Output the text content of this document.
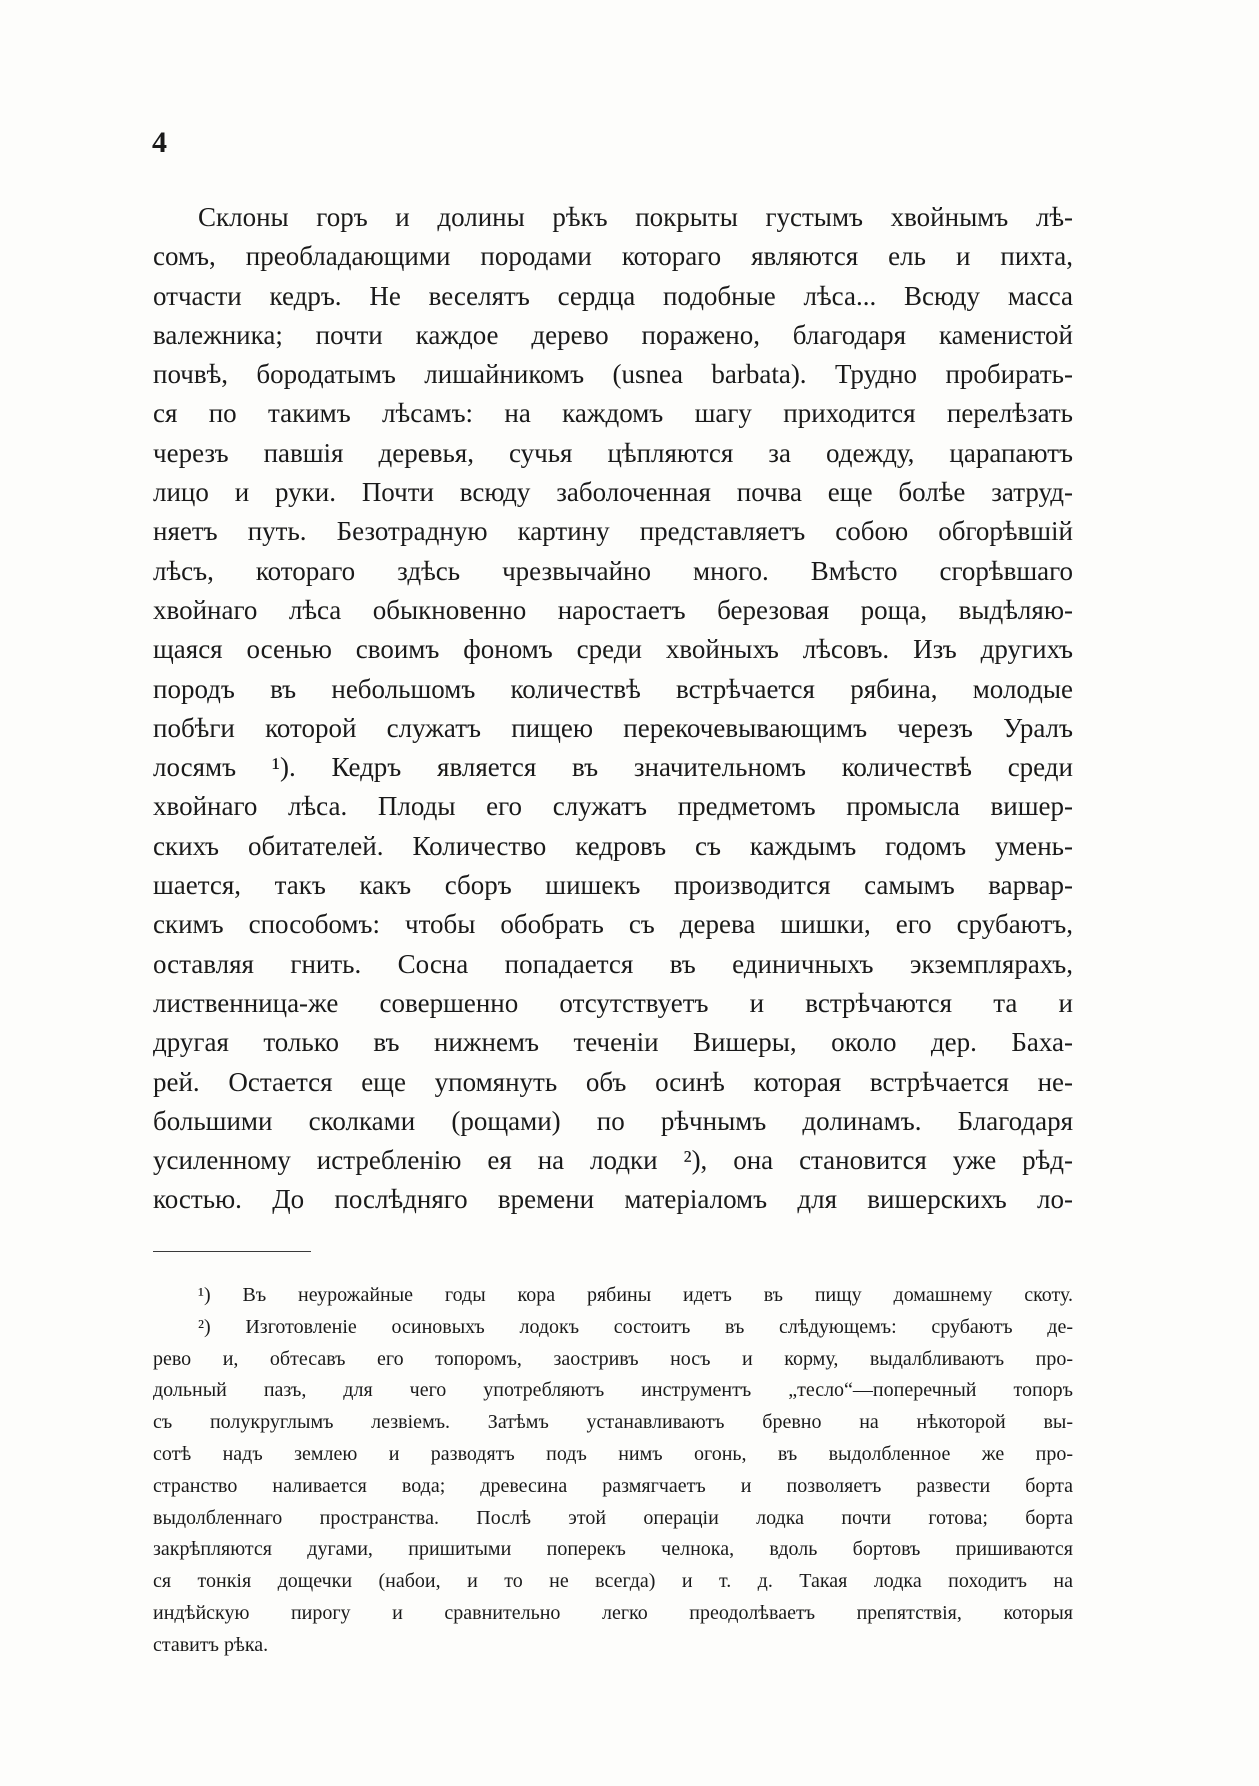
4
Склоны горъ и долины рѣкъ покрыты густымъ хвойнымъ лѣ-
сомъ, преобладающими породами котораго являются ель и пихта,
отчасти кедръ. Не веселятъ сердца подобные лѣса... Всюду масса
валежника; почти каждое дерево поражено, благодаря каменистой
почвѣ, бородатымъ лишайникомъ (usnea barbata). Трудно пробирать-
ся по такимъ лѣсамъ: на каждомъ шагу приходится перелѣзать
черезъ павшія деревья, сучья цѣпляются за одежду, царапаютъ
лицо и руки. Почти всюду заболоченная почва еще болѣе затруд-
няетъ путь. Безотрадную картину представляетъ собою обгорѣвшій
лѣсъ, котораго здѣсь чрезвычайно много. Вмѣсто сгорѣвшаго
хвойнаго лѣса обыкновенно наростаетъ березовая роща, выдѣляю-
щаяся осенью своимъ фономъ среди хвойныхъ лѣсовъ. Изъ другихъ
породъ въ небольшомъ количествѣ встрѣчается рябина, молодые
побѣги которой служатъ пищею перекочевывающимъ черезъ Уралъ
лосямъ ¹). Кедръ является въ значительномъ количествѣ среди
хвойнаго лѣса. Плоды его служатъ предметомъ промысла вишер-
скихъ обитателей. Количество кедровъ съ каждымъ годомъ умень-
шается, такъ какъ сборъ шишекъ производится самымъ варвар-
скимъ способомъ: чтобы обобрать съ дерева шишки, его срубаютъ,
оставляя гнить. Сосна попадается въ единичныхъ экземплярахъ,
лиственница-же совершенно отсутствуетъ и встрѣчаются та и
другая только въ нижнемъ теченіи Вишеры, около дер. Баха-
рей. Остается еще упомянуть объ осинѣ которая встрѣчается не-
большими сколками (рощами) по рѣчнымъ долинамъ. Благодаря
усиленному истребленію ея на лодки ²), она становится уже рѣд-
костью. До послѣдняго времени матеріаломъ для вишерскихъ ло-
¹) Въ неурожайные годы кора рябины идетъ въ пищу домашнему скоту.
²) Изготовленіе осиновыхъ лодокъ состоитъ въ слѣдующемъ: срубаютъ де-
рево и, обтесавъ его топоромъ, заостривъ носъ и корму, выдалбливаютъ про-
дольный пазъ, для чего употребляютъ инструментъ „тесло“—поперечный топоръ
съ полукруглымъ лезвіемъ. Затѣмъ устанавливаютъ бревно на нѣкоторой вы-
сотѣ надъ землею и разводятъ подъ нимъ огонь, въ выдолбленное же про-
странство наливается вода; древесина размягчаетъ и позволяетъ развести борта
выдолбленнаго пространства. Послѣ этой операціи лодка почти готова; борта
закрѣпляются дугами, пришитыми поперекъ челнока, вдоль бортовъ пришиваются
ся тонкія дощечки (набои, и то не всегда) и т. д. Такая лодка походитъ на
индѣйскую пирогу и сравнительно легко преодолѣваетъ препятствія, которыя
ставитъ рѣка.
